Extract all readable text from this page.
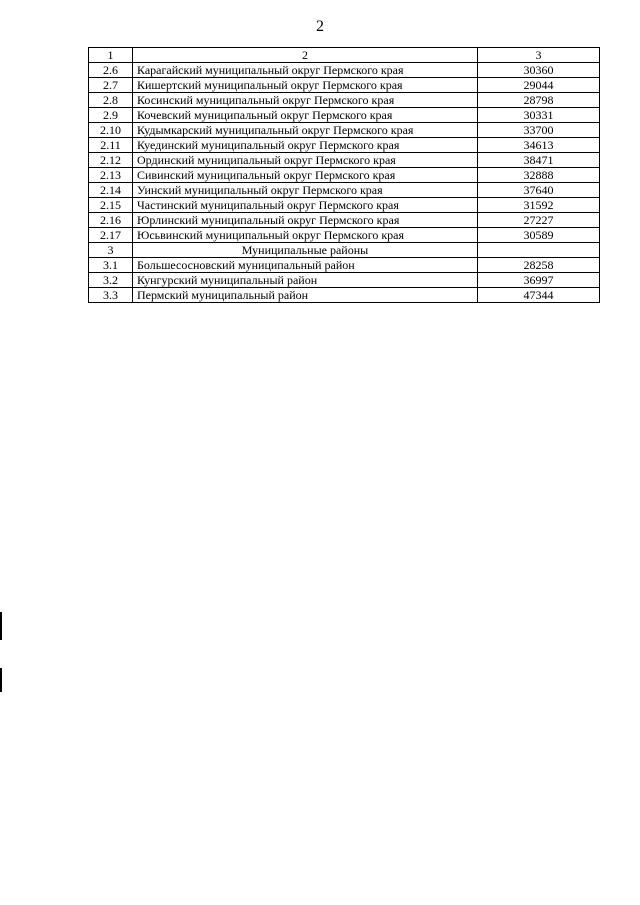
2
1	2	3
2.6	Карагайский муниципальный округ Пермского края	30360
2.7	Кишертский муниципальный округ Пермского края	29044
2.8	Косинский муниципальный округ Пермского края	28798
2.9	Кочевский муниципальный округ Пермского края	30331
2.10	Кудымкарский муниципальный округ Пермского края	33700
2.11	Куединский муниципальный округ Пермского края	34613
2.12	Ординский муниципальный округ Пермского края	38471
2.13	Сивинский муниципальный округ Пермского края	32888
2.14	Уинский муниципальный округ Пермского края	37640
2.15	Частинский муниципальный округ Пермского края	31592
2.16	Юрлинский муниципальный округ Пермского края	27227
2.17	Юсьвинский муниципальный округ Пермского края	30589
3	Муниципальные районы	
3.1	Большесосновский муниципальный район	28258
3.2	Кунгурский муниципальный район	36997
3.3	Пермский муниципальный район	47344
